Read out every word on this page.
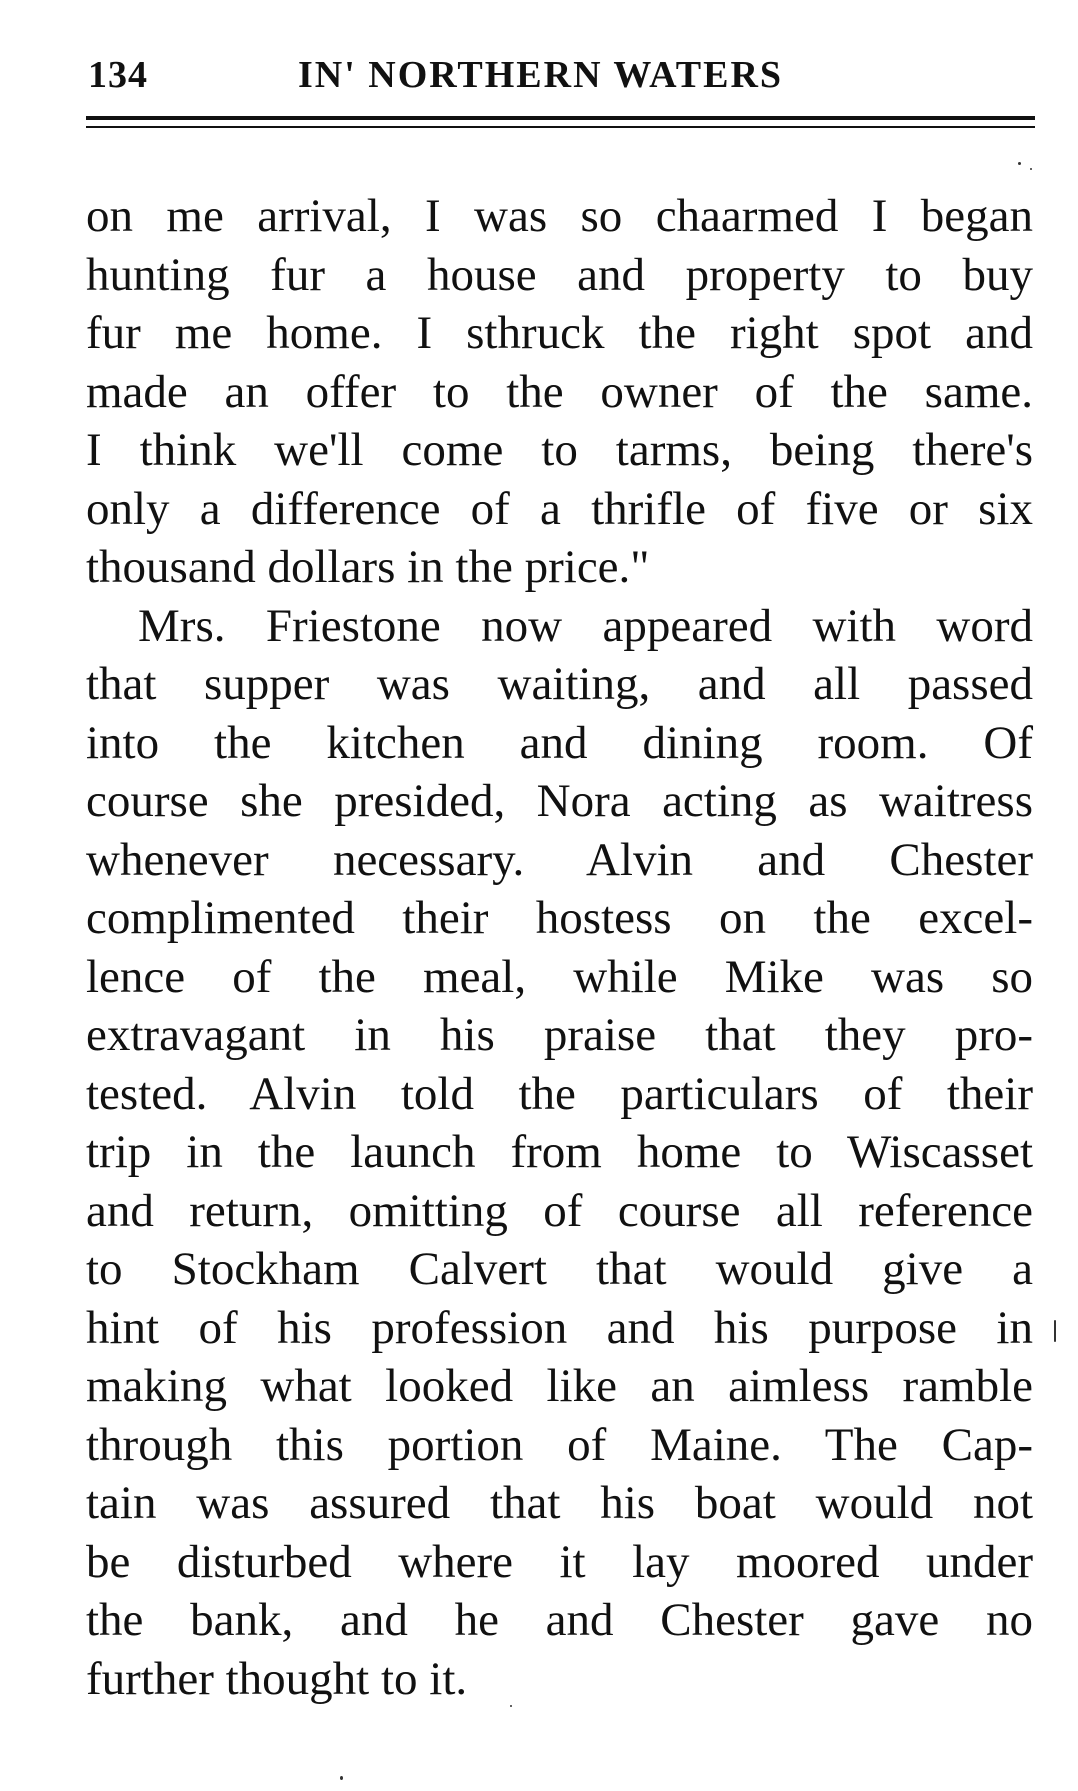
134	IN' NORTHERN WATERS
on me arrival, I was so chaarmed I began
hunting fur a house and property to buy
fur me home. I sthruck the right spot and
made an offer to the owner of the same.
I think we'll come to tarms, being there's
only a difference of a thrifle of five or six
thousand dollars in the price."
Mrs. Friestone now appeared with word
that supper was waiting, and all passed
into the kitchen and dining room. Of
course she presided, Nora acting as waitress
whenever necessary. Alvin and Chester
complimented their hostess on the excel-
lence of the meal, while Mike was so
extravagant in his praise that they pro-
tested. Alvin told the particulars of their
trip in the launch from home to Wiscasset
and return, omitting of course all reference
to Stockham Calvert that would give a
hint of his profession and his purpose in
making what looked like an aimless ramble
through this portion of Maine. The Cap-
tain was assured that his boat would not
be disturbed where it lay moored under
the bank, and he and Chester gave no
further thought to it.
